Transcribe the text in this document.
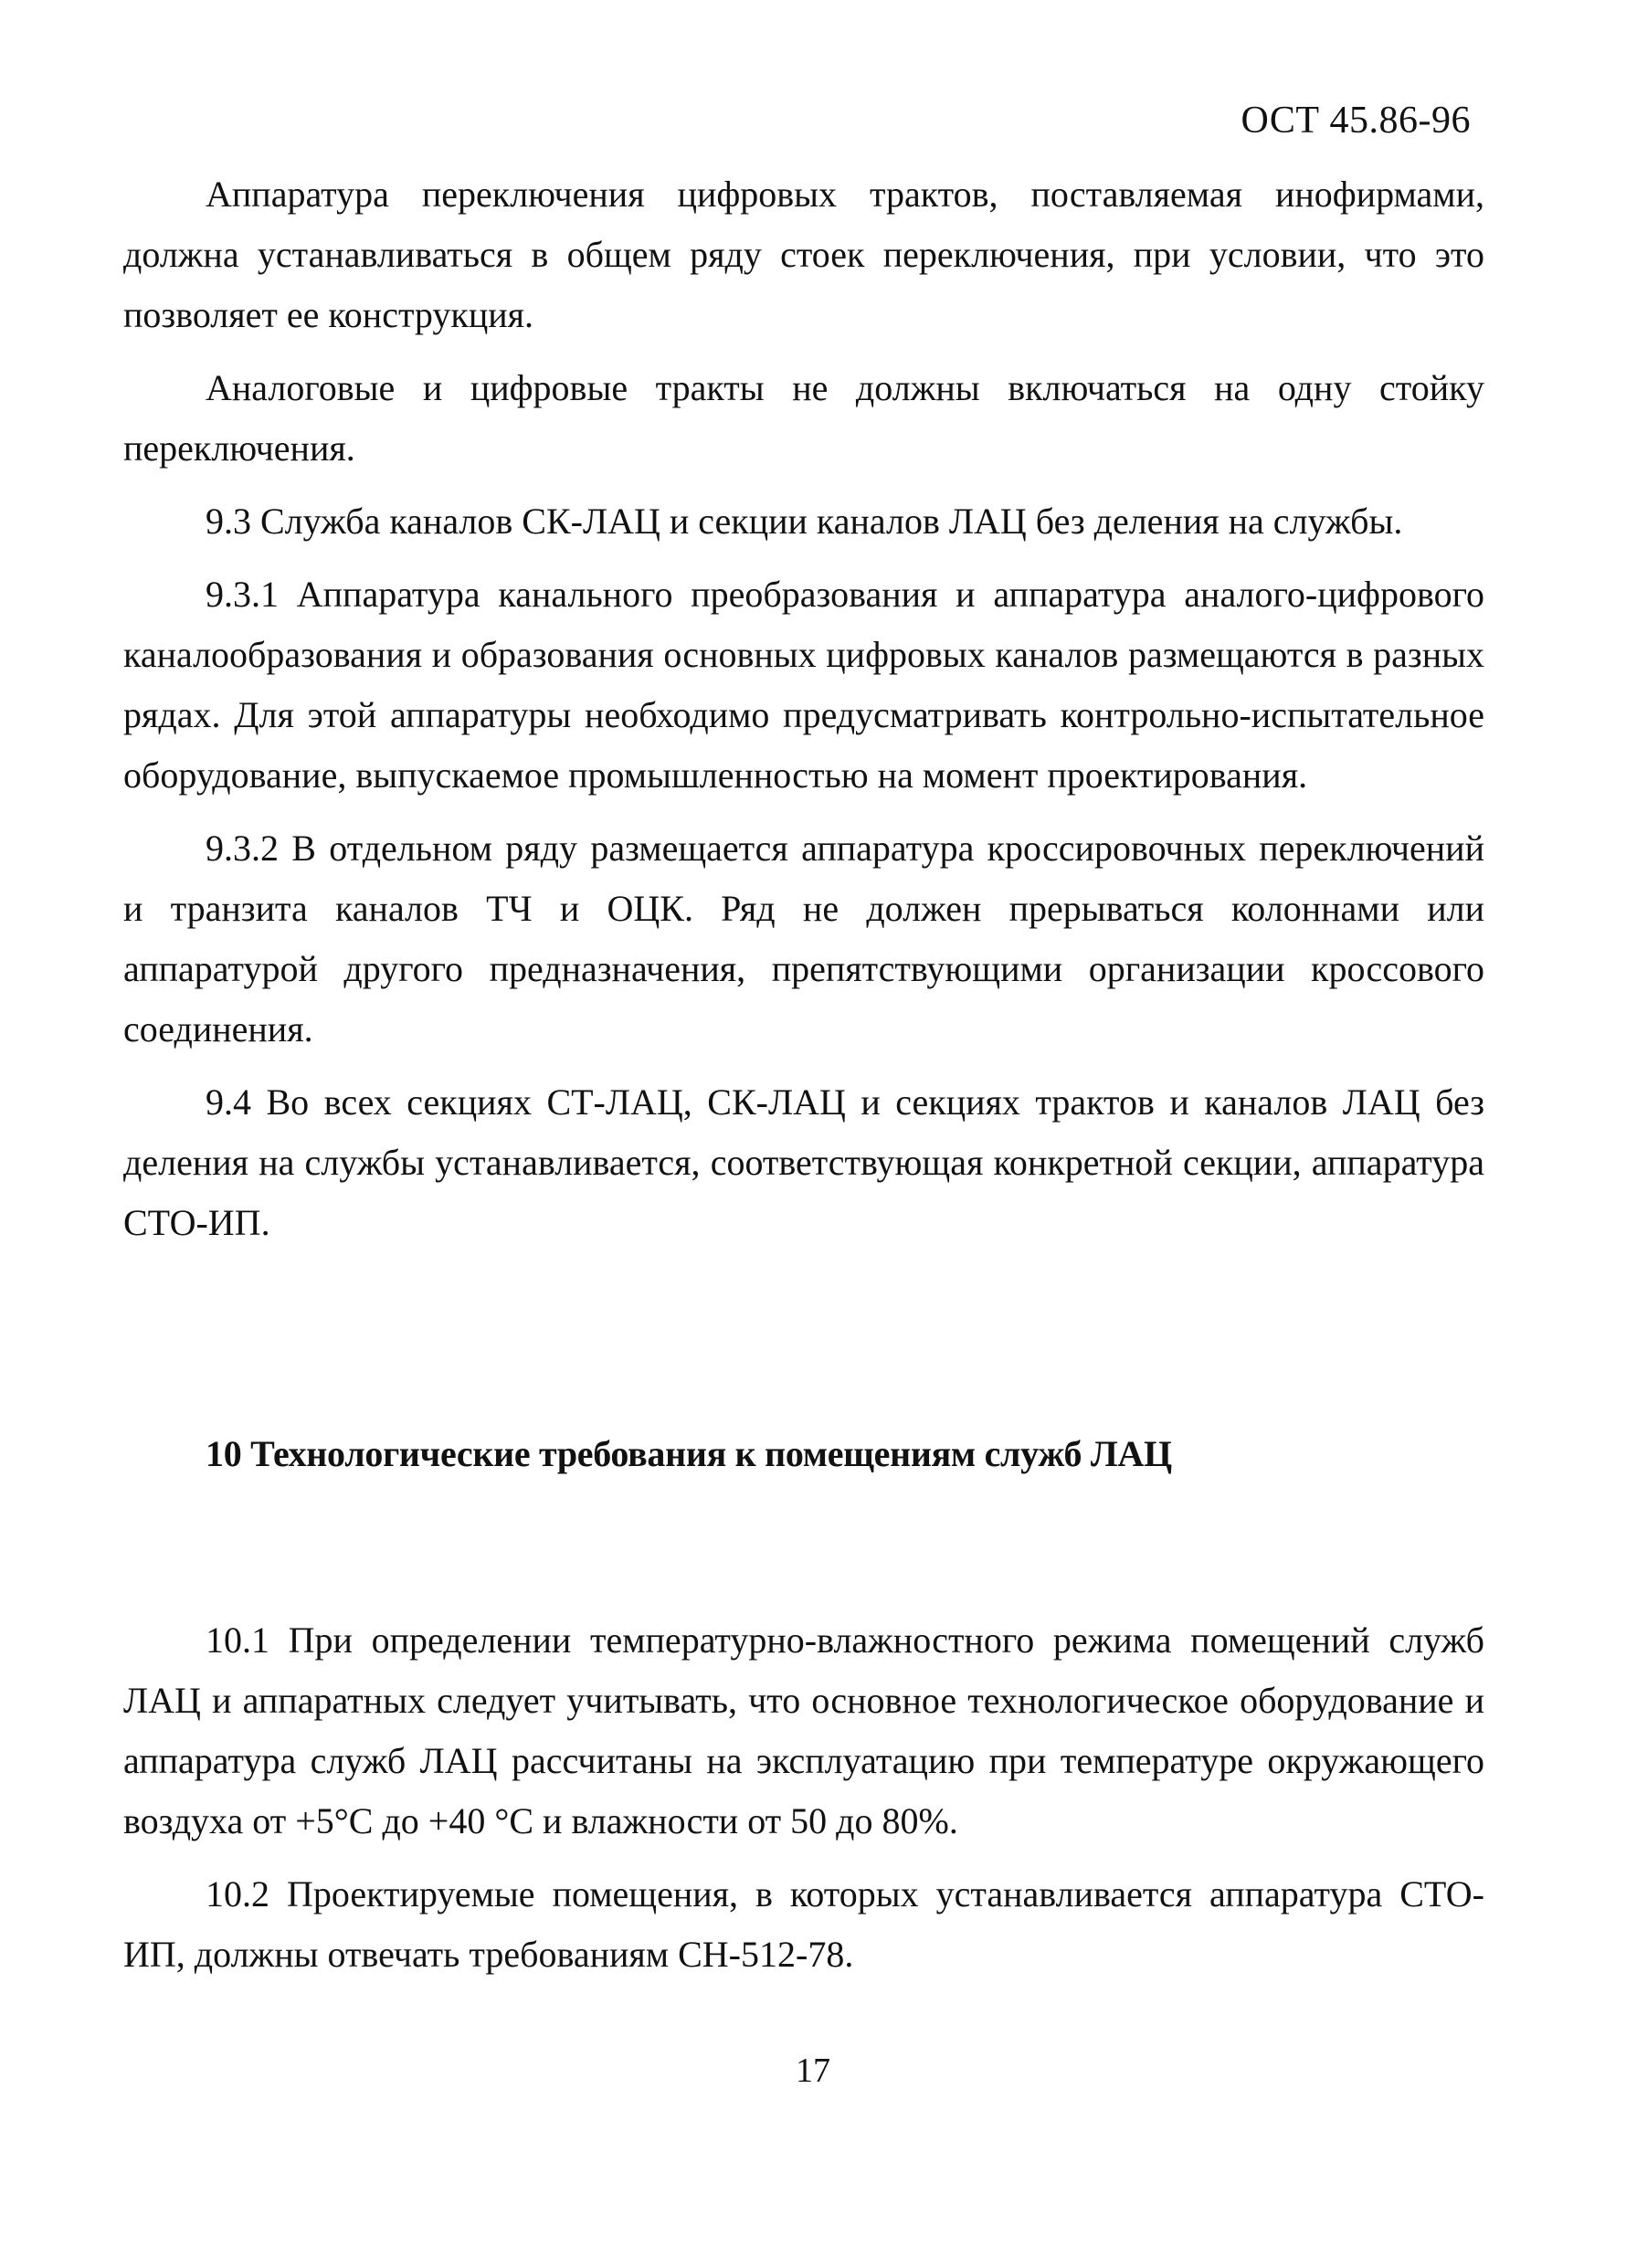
ОСТ 45.86-96

Аппаратура переключения цифровых трактов, поставляемая инофирмами, должна устанавливаться в общем ряду стоек переключения, при условии, что это позволяет ее конструкция.

Аналоговые и цифровые тракты не должны включаться на одну стойку переключения.

9.3 Служба каналов СК-ЛАЦ и секции каналов ЛАЦ без деления на службы.

9.3.1 Аппаратура канального преобразования и аппаратура аналого-цифрового каналообразования и образования основных цифровых каналов размещаются в разных рядах. Для этой аппаратуры необходимо предусматривать контрольно-испытательное оборудование, выпускаемое промышленностью на момент проектирования.

9.3.2 В отдельном ряду размещается аппаратура кроссировочных переключений и транзита каналов ТЧ и ОЦК. Ряд не должен прерываться колоннами или аппаратурой другого предназначения, препятствующими организации кроссового соединения.

9.4 Во всех секциях СТ-ЛАЦ, СК-ЛАЦ и секциях трактов и каналов ЛАЦ без деления на службы устанавливается, соответствующая конкретной секции, аппаратура СТО-ИП.

10 Технологические требования к помещениям служб ЛАЦ

10.1 При определении температурно-влажностного режима помещений служб ЛАЦ и аппаратных следует учитывать, что основное технологическое оборудование и аппаратура служб ЛАЦ рассчитаны на эксплуатацию при температуре окружающего воздуха от +5°С до +40 °С и влажности от 50 до 80%.

10.2 Проектируемые помещения, в которых устанавливается аппаратура СТО-ИП, должны отвечать требованиям СН-512-78.

17
